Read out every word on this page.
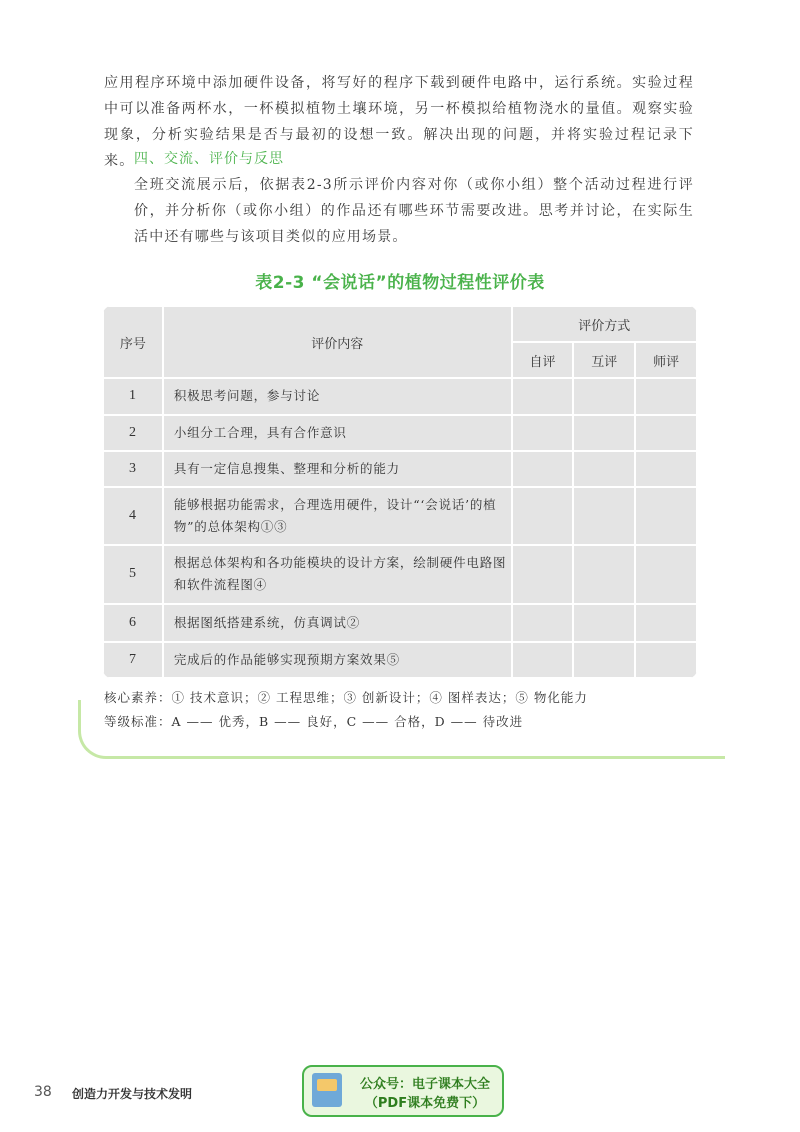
应用程序环境中添加硬件设备，将写好的程序下载到硬件电路中，运行系统。实验过程中可以准备两杯水，一杯模拟植物土壤环境，另一杯模拟给植物浇水的量值。观察实验现象，分析实验结果是否与最初的设想一致。解决出现的问题，并将实验过程记录下来。 四、交流、评价与反思
全班交流展示后，依据表2-3所示评价内容对你（或你小组）整个活动过程进行评价，并分析你（或你小组）的作品还有哪些环节需要改进。思考并讨论，在实际生活中还有哪些与该项目类似的应用场景。
表2-3 “会说话”的植物过程性评价表
序号	评价内容	评价方式		
		自评	互评	师评
1	积极思考问题，参与讨论			
2	小组分工合理，具有合作意识			
3	具有一定信息搜集、整理和分析的能力			
4	能够根据功能需求，合理选用硬件，设计“‘会说话’的植物”的总体架构①③			
5	根据总体架构和各功能模块的设计方案，绘制硬件电路图和软件流程图④			
6	根据图纸搭建系统，仿真调试②			
7	完成后的作品能够实现预期方案效果⑤			
核心素养：① 技术意识；② 工程思维；③ 创新设计；④ 图样表达；⑤ 物化能力
等级标准：A —— 优秀，B —— 良好，C —— 合格，D —— 待改进
38 创造力开发与技术发明
公众号：电子课本大全
（PDF课本免费下）
